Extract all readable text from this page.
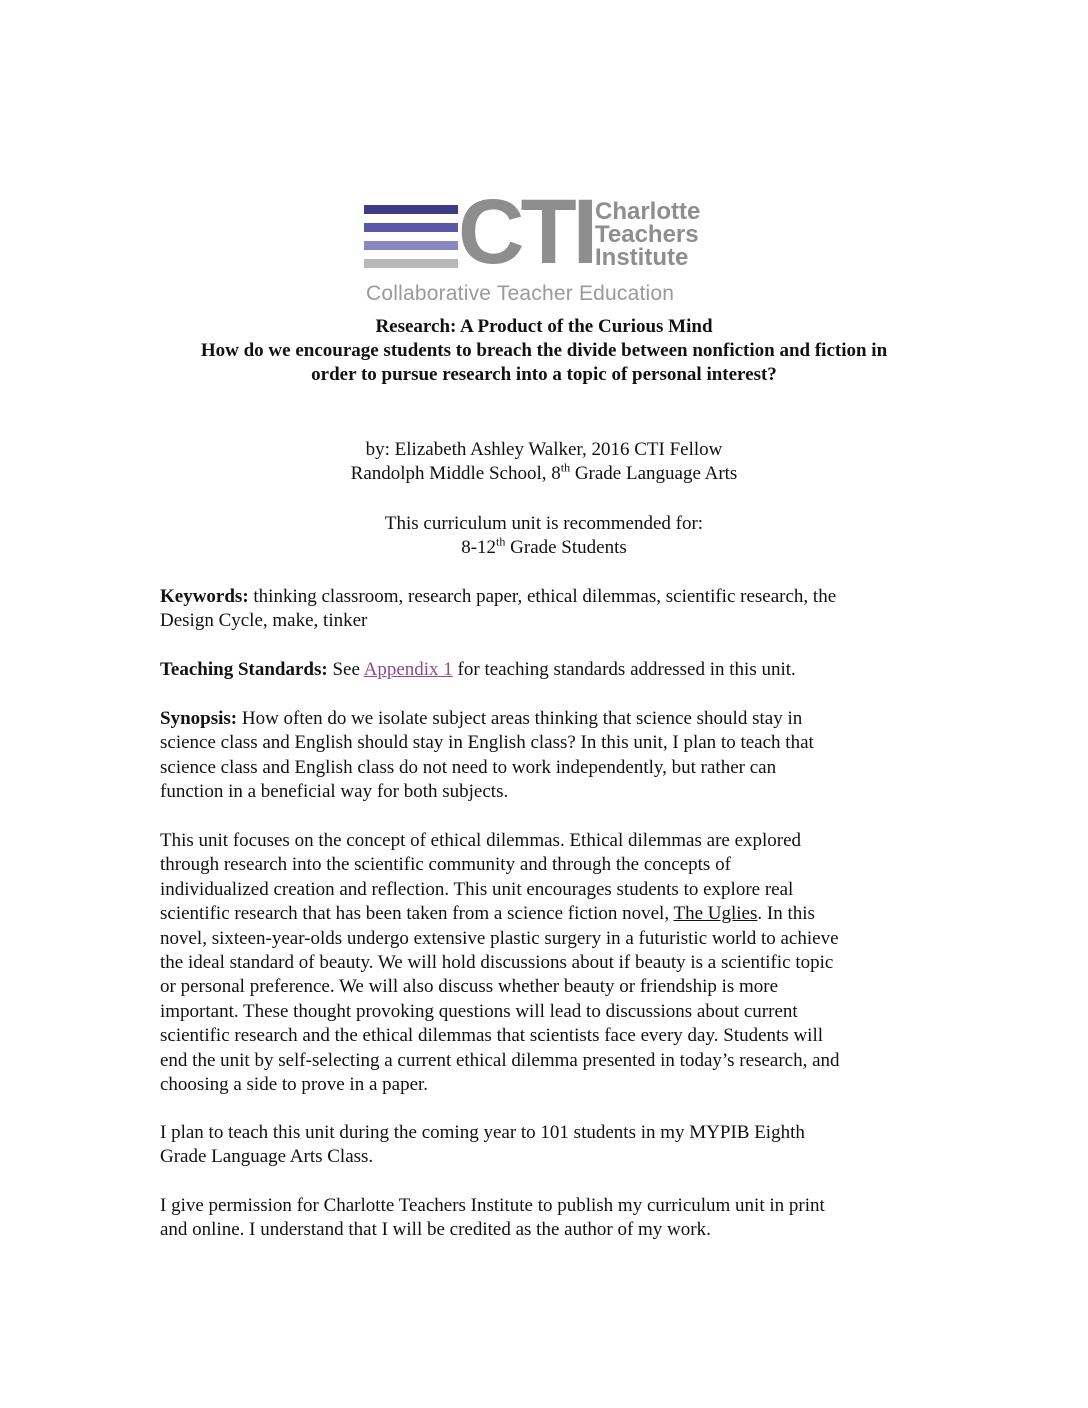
CTI Charlotte
Teachers
Institute
Collaborative Teacher Education
Research: A Product of the Curious Mind
How do we encourage students to breach the divide between nonfiction and fiction in
order to pursue research into a topic of personal interest?
by: Elizabeth Ashley Walker, 2016 CTI Fellow
Randolph Middle School, 8th Grade Language Arts
This curriculum unit is recommended for:
8-12th Grade Students
Keywords: thinking classroom, research paper, ethical dilemmas, scientific research, the
Design Cycle, make, tinker
Teaching Standards: See Appendix 1 for teaching standards addressed in this unit.
Synopsis: How often do we isolate subject areas thinking that science should stay in
science class and English should stay in English class? In this unit, I plan to teach that
science class and English class do not need to work independently, but rather can
function in a beneficial way for both subjects.
This unit focuses on the concept of ethical dilemmas. Ethical dilemmas are explored
through research into the scientific community and through the concepts of
individualized creation and reflection. This unit encourages students to explore real
scientific research that has been taken from a science fiction novel, The Uglies. In this
novel, sixteen-year-olds undergo extensive plastic surgery in a futuristic world to achieve
the ideal standard of beauty. We will hold discussions about if beauty is a scientific topic
or personal preference. We will also discuss whether beauty or friendship is more
important. These thought provoking questions will lead to discussions about current
scientific research and the ethical dilemmas that scientists face every day. Students will
end the unit by self-selecting a current ethical dilemma presented in today’s research, and
choosing a side to prove in a paper.
I plan to teach this unit during the coming year to 101 students in my MYPIB Eighth
Grade Language Arts Class.
I give permission for Charlotte Teachers Institute to publish my curriculum unit in print
and online. I understand that I will be credited as the author of my work.
